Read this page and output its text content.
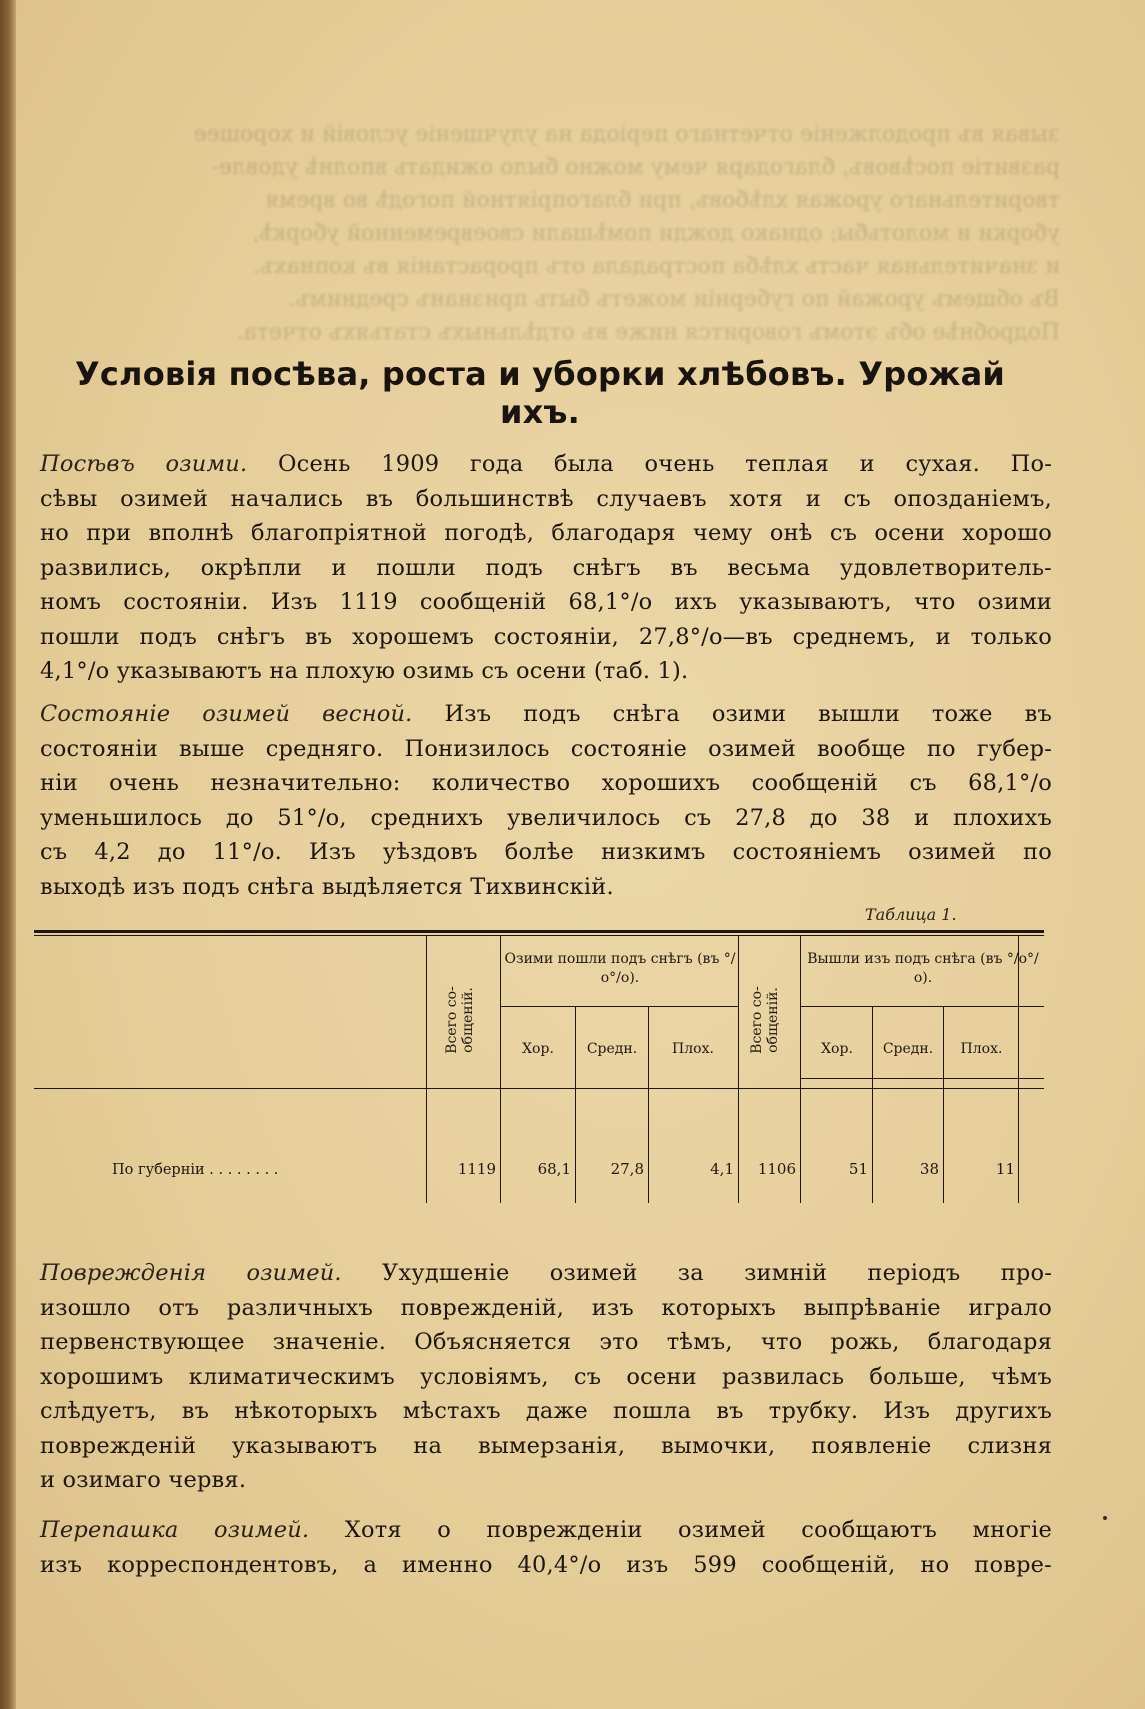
зывая въ продолженіе отчетнаго періода на улучшеніе условій и хорошее
развитіе посѣвовъ, благодаря чему можно было ожидать вполнѣ удовле-
творительнаго урожая хлѣбовъ, при благопріятной погодѣ во время
уборки и молотьбы; однако дожди помѣшали своевременной уборкѣ,
и значительная часть хлѣба пострадала отъ прорастанія въ копнахъ.
Въ общемъ урожай по губерніи можетъ быть признанъ среднимъ.
Подробнѣе объ этомъ говорится ниже въ отдѣльныхъ статьяхъ отчета.
Условія посѣва, роста и уборки хлѣбовъ. Урожай ихъ.
Посѣвъ озими. Осень 1909 года была очень теплая и сухая. По-
сѣвы озимей начались въ большинствѣ случаевъ хотя и съ опозданіемъ,
но при вполнѣ благопріятной погодѣ, благодаря чему онѣ съ осени хорошо
развились, окрѣпли и пошли подъ снѣгъ въ весьма удовлетворитель-
номъ состояніи. Изъ 1119 сообщеній 68,1°/о ихъ указываютъ, что озими
пошли подъ снѣгъ въ хорошемъ состояніи, 27,8°/о—въ среднемъ, и только
4,1°/о указываютъ на плохую озимь съ осени (таб. 1).
Состояніе озимей весной. Изъ подъ снѣга озими вышли тоже въ
состояніи выше средняго. Понизилось состояніе озимей вообще по губер-
ніи очень незначительно: количество хорошихъ сообщеній съ 68,1°/о
уменьшилось до 51°/о, среднихъ увеличилось съ 27,8 до 38 и плохихъ
съ 4,2 до 11°/о. Изъ уѣздовъ болѣе низкимъ состояніемъ озимей по
выходѣ изъ подъ снѣга выдѣляется Тихвинскій.
Таблица 1.
Всего со-общеній.
Озими пошли подъ снѣгъ (въ °/о°/о).
Хор.	Средн.	Плох.	Всего со-общеній.
Вышли изъ подъ снѣга (въ °/о°/о).
Хор.	Средн.	Плох.
По губерніи . . . . . . . .	1119	68,1	27,8	4,1	1106	51	38	11
Поврежденія озимей. Ухудшеніе озимей за зимній періодъ про-
изошло отъ различныхъ поврежденій, изъ которыхъ выпрѣваніе играло
первенствующее значеніе. Объясняется это тѣмъ, что рожь, благодаря
хорошимъ климатическимъ условіямъ, съ осени развилась больше, чѣмъ
слѣдуетъ, въ нѣкоторыхъ мѣстахъ даже пошла въ трубку. Изъ другихъ
поврежденій указываютъ на вымерзанія, вымочки, появленіе слизня
и озимаго червя.
Перепашка озимей. Хотя о поврежденіи озимей сообщаютъ многіе
изъ корреспондентовъ, а именно 40,4°/о изъ 599 сообщеній, но повре-
